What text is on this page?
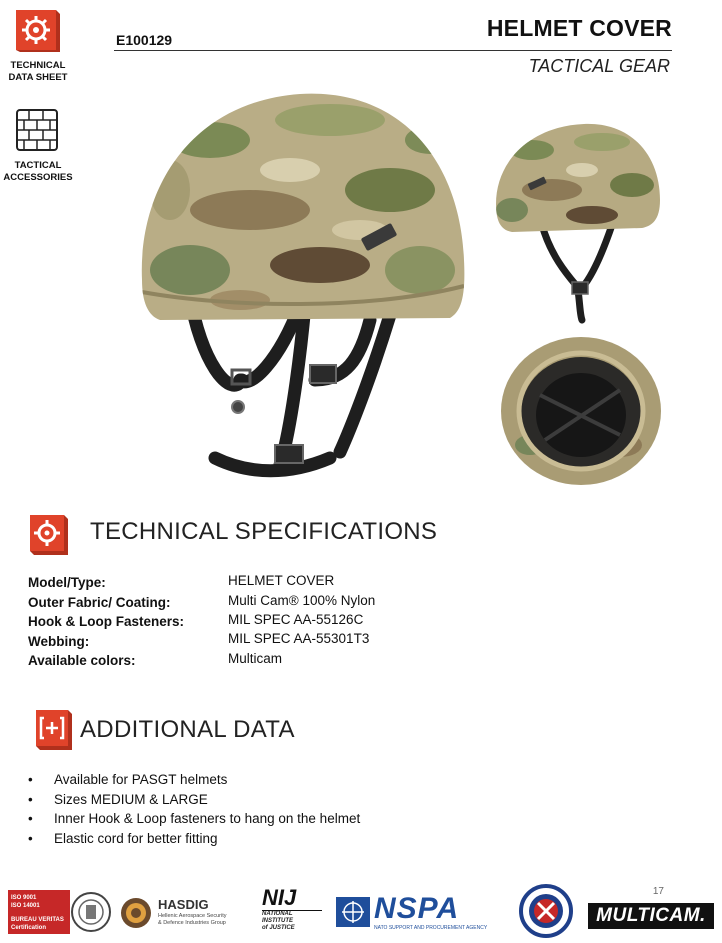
TECHNICAL
DATA SHEET
TACTICAL
ACCESSORIES
E100129	HELMET COVER
TACTICAL GEAR
TECHNICAL SPECIFICATIONS
Model/Type:	HELMET COVER
Outer Fabric/ Coating:	Multi Cam® 100% Nylon
Hook & Loop Fasteners:	MIL SPEC AA-55126C
Webbing:	MIL SPEC AA-55301T3
Available colors:	Multicam
ADDITIONAL DATA
• Available for PASGT helmets
• Sizes MEDIUM & LARGE
• Inner Hook & Loop fasteners to hang on the helmet
• Elastic cord for better fitting
17
ISO 9001
ISO 14001
BUREAU VERITAS
Certification
HASDIG
Hellenic Aerospace Security
& Defence Industries Group
NIJ
NATIONAL
INSTITUTE
of JUSTICE
NSPA
NATO SUPPORT AND PROCUREMENT AGENCY
MULTICAM.
